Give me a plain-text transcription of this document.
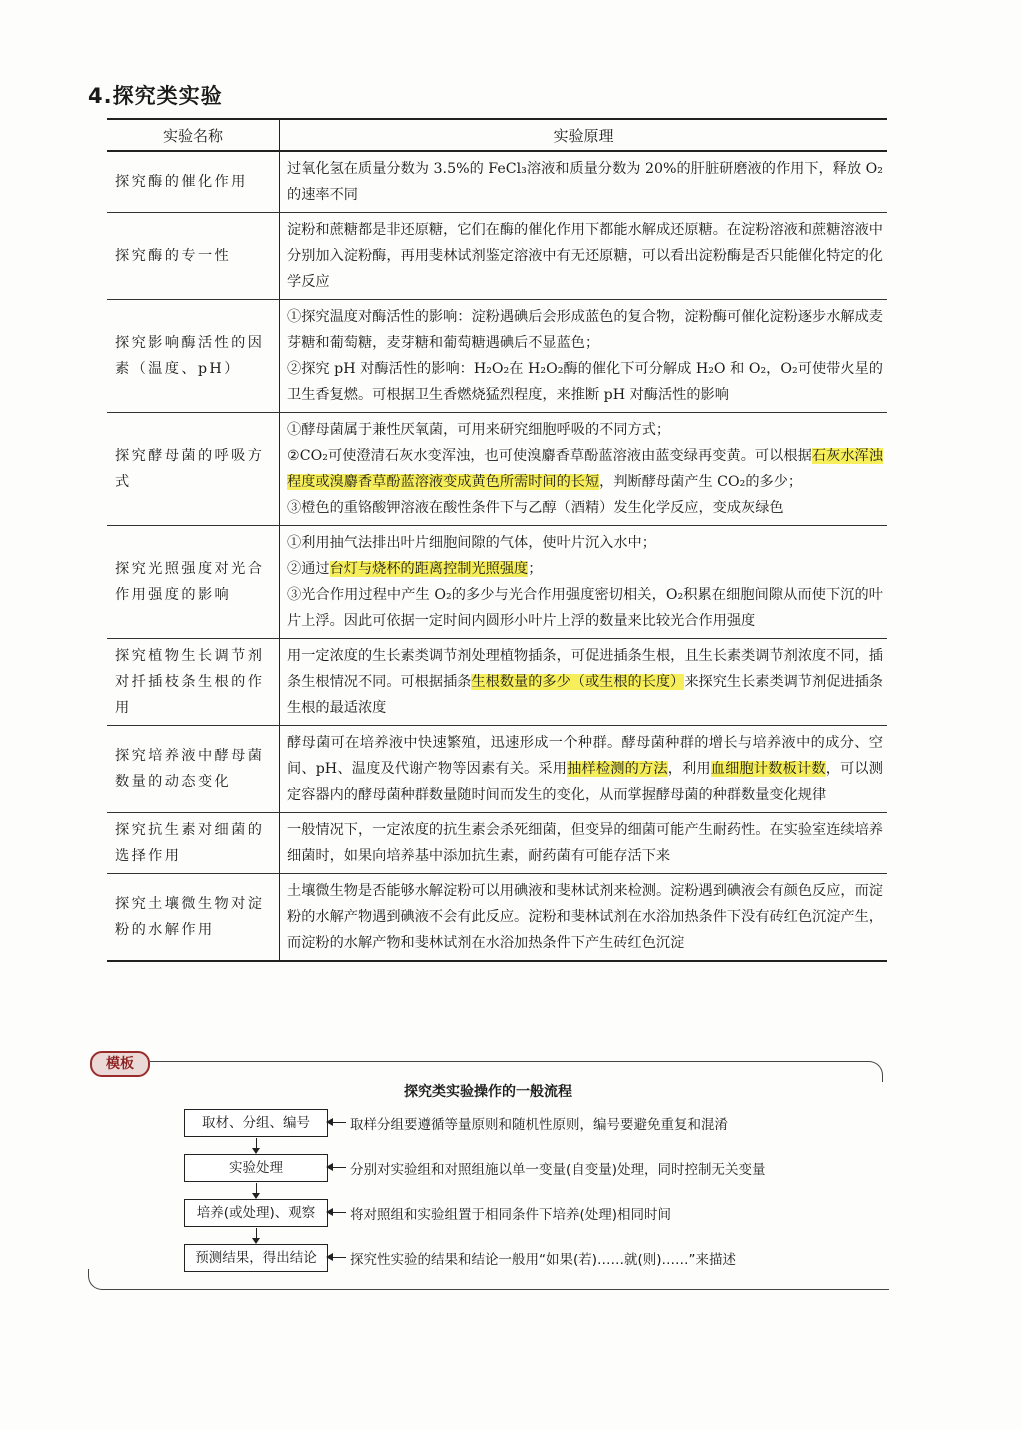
4.探究类实验
实验名称	实验原理
探究酶的催化作用	过氧化氢在质量分数为 3.5%的 FeCl₃溶液和质量分数为 20%的肝脏研磨液的作用下，释放 O₂的速率不同

探究酶的专一性	淀粉和蔗糖都是非还原糖，它们在酶的催化作用下都能水解成还原糖。在淀粉溶液和蔗糖溶液中分别加入淀粉酶，再用斐林试剂鉴定溶液中有无还原糖，可以看出淀粉酶是否只能催化特定的化学反应

探究影响酶活性的因素（温度、pH）	①探究温度对酶活性的影响：淀粉遇碘后会形成蓝色的复合物，淀粉酶可催化淀粉逐步水解成麦芽糖和葡萄糖，麦芽糖和葡萄糖遇碘后不显蓝色；
②探究 pH 对酶活性的影响：H₂O₂在 H₂O₂酶的催化下可分解成 H₂O 和 O₂，O₂可使带火星的卫生香复燃。可根据卫生香燃烧猛烈程度，来推断 pH 对酶活性的影响

探究酵母菌的呼吸方式	①酵母菌属于兼性厌氧菌，可用来研究细胞呼吸的不同方式；
②CO₂可使澄清石灰水变浑浊，也可使溴麝香草酚蓝溶液由蓝变绿再变黄。可以根据石灰水浑浊程度或溴麝香草酚蓝溶液变成黄色所需时间的长短，判断酵母菌产生 CO₂的多少；
③橙色的重铬酸钾溶液在酸性条件下与乙醇（酒精）发生化学反应，变成灰绿色

探究光照强度对光合作用强度的影响	①利用抽气法排出叶片细胞间隙的气体，使叶片沉入水中；
②通过台灯与烧杯的距离控制光照强度；
③光合作用过程中产生 O₂的多少与光合作用强度密切相关，O₂积累在细胞间隙从而使下沉的叶片上浮。因此可依据一定时间内圆形小叶片上浮的数量来比较光合作用强度

探究植物生长调节剂对扦插枝条生根的作用	用一定浓度的生长素类调节剂处理植物插条，可促进插条生根，且生长素类调节剂浓度不同，插条生根情况不同。可根据插条生根数量的多少（或生根的长度）来探究生长素类调节剂促进插条生根的最适浓度

探究培养液中酵母菌数量的动态变化	酵母菌可在培养液中快速繁殖，迅速形成一个种群。酵母菌种群的增长与培养液中的成分、空间、pH、温度及代谢产物等因素有关。采用抽样检测的方法，利用血细胞计数板计数，可以测定容器内的酵母菌种群数量随时间而发生的变化，从而掌握酵母菌的种群数量变化规律

探究抗生素对细菌的选择作用	一般情况下，一定浓度的抗生素会杀死细菌，但变异的细菌可能产生耐药性。在实验室连续培养细菌时，如果向培养基中添加抗生素，耐药菌有可能存活下来

探究土壤微生物对淀粉的水解作用	土壤微生物是否能够水解淀粉可以用碘液和斐林试剂来检测。淀粉遇到碘液会有颜色反应，而淀粉的水解产物遇到碘液不会有此反应。淀粉和斐林试剂在水浴加热条件下没有砖红色沉淀产生，而淀粉的水解产物和斐林试剂在水浴加热条件下产生砖红色沉淀
模板
探究类实验操作的一般流程
取材、分组、编号	取样分组要遵循等量原则和随机性原则，编号要避免重复和混淆
实验处理	分别对实验组和对照组施以单一变量(自变量)处理，同时控制无关变量
培养(或处理)、观察	将对照组和实验组置于相同条件下培养(处理)相同时间
预测结果，得出结论	探究性实验的结果和结论一般用“如果(若)……就(则)……”来描述
